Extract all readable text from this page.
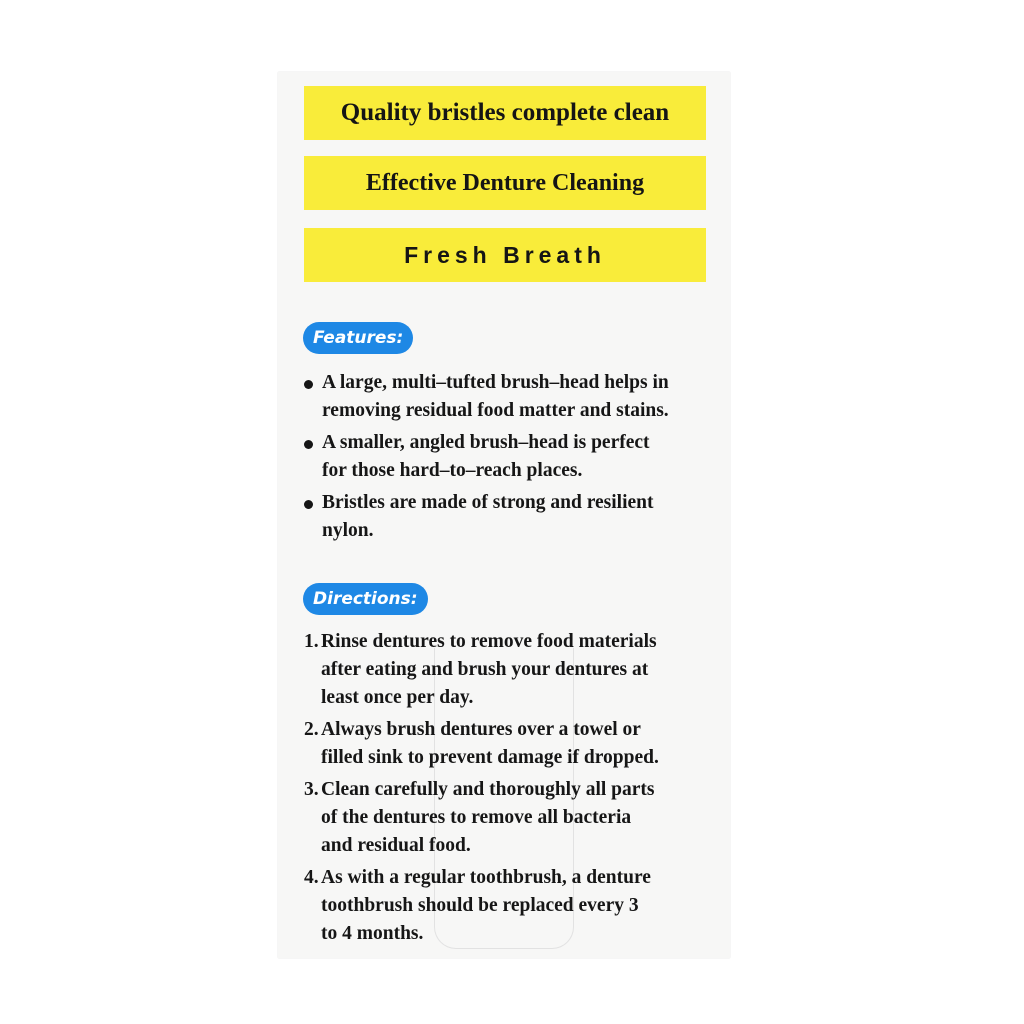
Quality bristles complete clean
Effective Denture Cleaning
Fresh Breath
Features:
A large, multi–tufted brush–head helps in
removing residual food matter and stains.
A smaller, angled brush–head is perfect
for those hard–to–reach places.
Bristles are made of strong and resilient
nylon.
Directions:
1. Rinse dentures to remove food materials
after eating and brush your dentures at
least once per day.
2. Always brush dentures over a towel or
filled sink to prevent damage if dropped.
3. Clean carefully and thoroughly all parts
of the dentures to remove all bacteria
and residual food.
4. As with a regular toothbrush, a denture
toothbrush should be replaced every 3
to 4 months.
